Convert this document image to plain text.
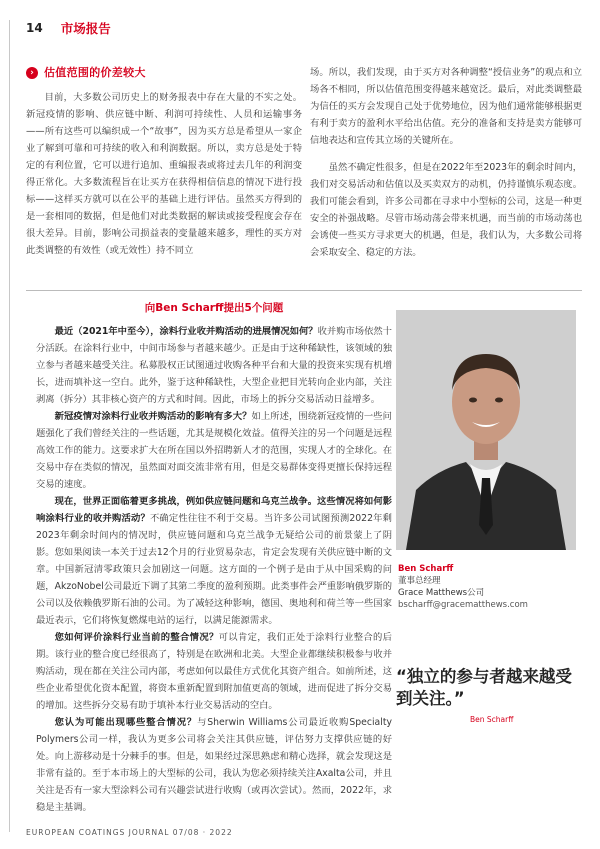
14 市场报告
› 估值范围的价差较大

目前，大多数公司历史上的财务报表中存在大量的不实之处。新冠疫情的影响、供应链中断、利润可持续性、人员和运输事务——所有这些可以编织成一个“故事”，因为买方总是希望从一家企业了解到可靠和可持续的收入和利润数据。所以，卖方总是处于特定的有利位置，它可以进行追加、重编报表或将过去几年的利润变得正常化。大多数流程旨在让买方在获得相信信息的情况下进行投标——这样买方就可以在公平的基础上进行评估。虽然买方得到的是一套相同的数据，但是他们对此类数据的解读或接受程度会存在很大差异。目前，影响公司损益表的变量越来越多，理性的买方对此类调整的有效性（或无效性）持不同立

场。所以，我们发现，由于买方对各种调整“授信业务”的观点和立场各不相同，所以估值范围变得越来越宽泛。最后，对此类调整最为信任的买方会发现自己处于优势地位，因为他们通常能够根据更有利于卖方的盈利水平给出估值。充分的准备和支持是卖方能够可信地表达和宣传其立场的关键所在。

虽然不确定性很多，但是在2022年至2023年的剩余时间内，我们对交易活动和估值以及买卖双方的动机，仍持谨慎乐观态度。我们可能会看到，许多公司都在寻求中小型标的公司，这是一种更安全的补强战略。尽管市场动荡会带来机遇，而当前的市场动荡也会诱使一些买方寻求更大的机遇，但是，我们认为，大多数公司将会采取安全、稳定的方法。

向Ben Scharff提出5个问题

最近（2021年中至今），涂料行业收并购活动的进展情况如何？收并购市场依然十分活跃。在涂料行业中，中间市场参与者越来越少。正是由于这种稀缺性，该领域的独立参与者越来越受关注。私募股权正试图通过收购各种平台和大量的投资来实现有机增长，进而填补这一空白。此外，鉴于这种稀缺性，大型企业把目光转向企业内部，关注剥离（拆分）其非核心资产的方式和时间。因此，市场上的拆分交易活动日益增多。

新冠疫情对涂料行业收并购活动的影响有多大？如上所述，围绕新冠疫情的一些问题强化了我们曾经关注的一些话题，尤其是规模化效益。值得关注的另一个问题是远程高效工作的能力。这要求扩大在所在国以外招聘新人才的范围，实现人才的全球化。在交易中存在类似的情况，虽然面对面交流非常有用，但是交易群体变得更擅长保持远程交易的速度。

现在，世界正面临着更多挑战，例如供应链问题和乌克兰战争。这些情况将如何影响涂料行业的收并购活动？不确定性往往不利于交易。当许多公司试图预测2022年剩2023年剩余时间内的情况时，供应链问题和乌克兰战争无疑给公司的前景蒙上了阴影。您如果阅读一本关于过去12个月的行业贸易杂志，肯定会发现有关供应链中断的文章。中国新冠清零政策只会加剧这一问题。这方面的一个例子是由于从中国采购的问题，AkzoNobel公司最近下调了其第二季度的盈利预期。此类事件会严重影响俄罗斯的公司以及依赖俄罗斯石油的公司。为了减轻这种影响，德国、奥地利和荷兰等一些国家最近表示，它们将恢复燃煤电站的运行，以满足能源需求。

您如何评价涂料行业当前的整合情况？可以肯定，我们正处于涂料行业整合的后期。该行业的整合度已经很高了，特别是在欧洲和北美。大型企业都继续积极参与收并购活动，现在都在关注公司内部，考虑如何以最佳方式优化其资产组合。如前所述，这些企业希望优化资本配置，将资本重新配置到附加值更高的领域，进而促进了拆分交易的增加。这些拆分交易有助于填补本行业交易活动的空白。

您认为可能出现哪些整合情况？与Sherwin Williams公司最近收购Specialty Polymers公司一样，我认为更多公司将会关注其供应链，评估努力支撑供应链的好处。向上游移动是十分棘手的事。但是，如果经过深思熟虑和精心选择，就会发现这是非常有益的。至于本市场上的大型标的公司，我认为您必须持续关注Axalta公司，并且关注是否有一家大型涂料公司有兴趣尝试进行收购（或再次尝试）。然而，2022年，求稳是主基调。

Ben Scharff
董事总经理
Grace Matthews公司
bscharff@gracematthews.com
“独立的参与者越来越受到关注。”
Ben Scharff
EUROPEAN COATINGS JOURNAL 07/08 · 2022
